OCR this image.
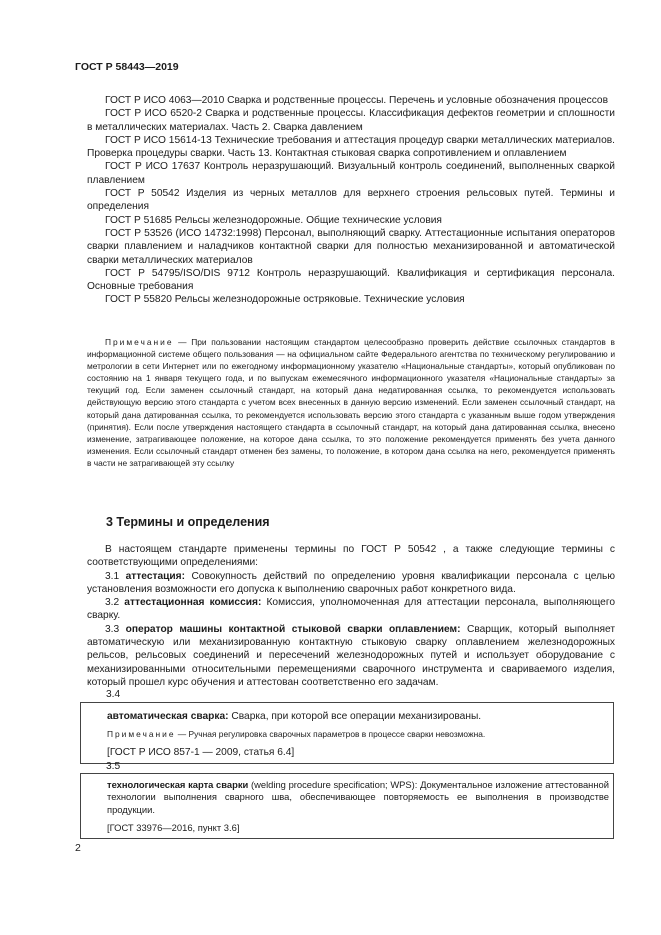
ГОСТ Р 58443—2019

ГОСТ Р ИСО 4063—2010 Сварка и родственные процессы. Перечень и условные обозначения процессов

ГОСТ Р ИСО 6520-2 Сварка и родственные процессы. Классификация дефектов геометрии и сплошности в металлических материалах. Часть 2. Сварка давлением

ГОСТ Р ИСО 15614-13 Технические требования и аттестация процедур сварки металлических материалов. Проверка процедуры сварки. Часть 13. Контактная стыковая сварка сопротивлением и оплавлением

ГОСТ Р ИСО 17637 Контроль неразрушающий. Визуальный контроль соединений, выполненных сваркой плавлением

ГОСТ Р 50542 Изделия из черных металлов для верхнего строения рельсовых путей. Термины и определения

ГОСТ Р 51685 Рельсы железнодорожные. Общие технические условия

ГОСТ Р 53526 (ИСО 14732:1998) Персонал, выполняющий сварку. Аттестационные испытания операторов сварки плавлением и наладчиков контактной сварки для полностью механизированной и автоматической сварки металлических материалов

ГОСТ Р 54795/ISO/DIS 9712 Контроль неразрушающий. Квалификация и сертификация персонала. Основные требования

ГОСТ Р 55820 Рельсы железнодорожные остряковые. Технические условия

Примечание — При пользовании настоящим стандартом целесообразно проверить действие ссылочных стандартов в информационной системе общего пользования — на официальном сайте Федерального агентства по техническому регулированию и метрологии в сети Интернет или по ежегодному информационному указателю «Национальные стандарты», который опубликован по состоянию на 1 января текущего года, и по выпускам ежемесячного информационного указателя «Национальные стандарты» за текущий год. Если заменен ссылочный стандарт, на который дана недатированная ссылка, то рекомендуется использовать действующую версию этого стандарта с учетом всех внесенных в данную версию изменений. Если заменен ссылочный стандарт, на который дана датированная ссылка, то рекомендуется использовать версию этого стандарта с указанным выше годом утверждения (принятия). Если после утверждения настоящего стандарта в ссылочный стандарт, на который дана датированная ссылка, внесено изменение, затрагивающее положение, на которое дана ссылка, то это положение рекомендуется применять без учета данного изменения. Если ссылочный стандарт отменен без замены, то положение, в котором дана ссылка на него, рекомендуется применять в части не затрагивающей эту ссылку

3 Термины и определения

В настоящем стандарте применены термины по ГОСТ Р 50542 , а также следующие термины с соответствующими определениями:

3.1 аттестация: Совокупность действий по определению уровня квалификации персонала с целью установления возможности его допуска к выполнению сварочных работ конкретного вида.

3.2 аттестационная комиссия: Комиссия, уполномоченная для аттестации персонала, выполняющего сварку.

3.3 оператор машины контактной стыковой сварки оплавлением: Сварщик, который выполняет автоматическую или механизированную контактную стыковую сварку оплавлением железнодорожных рельсов, рельсовых соединений и пересечений железнодорожных путей и использует оборудование с механизированными относительными перемещениями сварочного инструмента и свариваемого изделия, который прошел курс обучения и аттестован соответственно его задачам.

3.4
автоматическая сварка: Сварка, при которой все операции механизированы.
Примечание — Ручная регулировка сварочных параметров в процессе сварки невозможна.
[ГОСТ Р ИСО 857-1 — 2009, статья 6.4]
3.5
технологическая карта сварки (welding procedure specification; WPS): Документальное изложение аттестованной технологии выполнения сварного шва, обеспечивающее повторяемость ее выполнения в производстве продукции.
[ГОСТ 33976—2016, пункт 3.6]
2
